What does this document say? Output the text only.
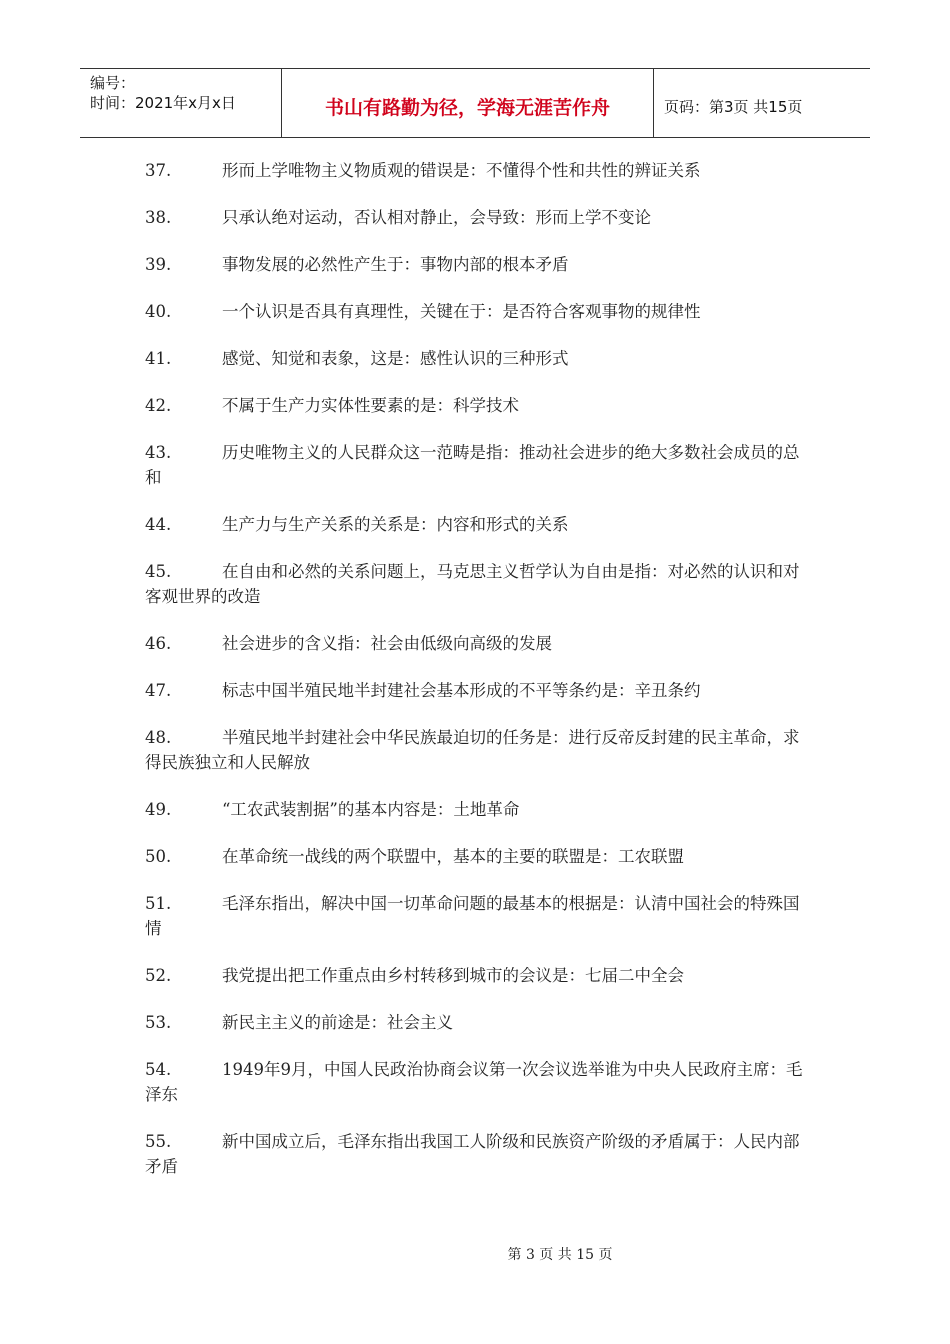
编号：
时间：2021年x月x日	书山有路勤为径，学海无涯苦作舟	页码：第3页 共15页
37.	形而上学唯物主义物质观的错误是：不懂得个性和共性的辨证关系
38.	只承认绝对运动，否认相对静止，会导致：形而上学不变论
39.	事物发展的必然性产生于：事物内部的根本矛盾
40.	一个认识是否具有真理性，关键在于：是否符合客观事物的规律性
41.	感觉、知觉和表象，这是：感性认识的三种形式
42.	不属于生产力实体性要素的是：科学技术
43.	历史唯物主义的人民群众这一范畴是指：推动社会进步的绝大多数社会成员的总和
44.	生产力与生产关系的关系是：内容和形式的关系
45.	在自由和必然的关系问题上，马克思主义哲学认为自由是指：对必然的认识和对客观世界的改造
46.	社会进步的含义指：社会由低级向高级的发展
47.	标志中国半殖民地半封建社会基本形成的不平等条约是：辛丑条约
48.	半殖民地半封建社会中华民族最迫切的任务是：进行反帝反封建的民主革命，求得民族独立和人民解放
49.	“工农武装割据”的基本内容是：土地革命
50.	在革命统一战线的两个联盟中，基本的主要的联盟是：工农联盟
51.	毛泽东指出，解决中国一切革命问题的最基本的根据是：认清中国社会的特殊国情
52.	我党提出把工作重点由乡村转移到城市的会议是：七届二中全会
53.	新民主主义的前途是：社会主义
54.	1949年9月，中国人民政治协商会议第一次会议选举谁为中央人民政府主席：毛泽东
55.	新中国成立后，毛泽东指出我国工人阶级和民族资产阶级的矛盾属于：人民内部矛盾
第 3 页 共 15 页
